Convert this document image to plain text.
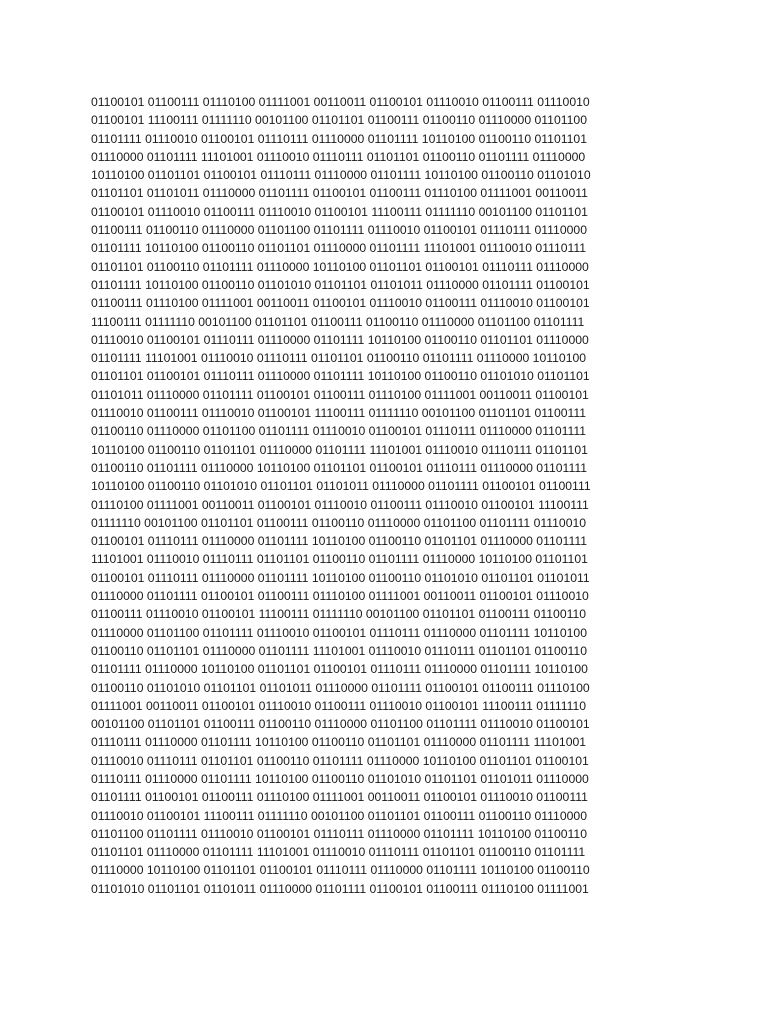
01100101 01100111 01110100 01111001 00110011 01100101 01110010 01100111 01110010
01100101 11100111 01111110 00101100 01101101 01100111 01100110 01110000 01101100
01101111 01110010 01100101 01110111 01110000 01101111 10110100 01100110 01101101
01110000 01101111 11101001 01110010 01110111 01101101 01100110 01101111 01110000
10110100 01101101 01100101 01110111 01110000 01101111 10110100 01100110 01101010
01101101 01101011 01110000 01101111 01100101 01100111 01110100 01111001 00110011
01100101 01110010 01100111 01110010 01100101 11100111 01111110 00101100 01101101
01100111 01100110 01110000 01101100 01101111 01110010 01100101 01110111 01110000
01101111 10110100 01100110 01101101 01110000 01101111 11101001 01110010 01110111
01101101 01100110 01101111 01110000 10110100 01101101 01100101 01110111 01110000
01101111 10110100 01100110 01101010 01101101 01101011 01110000 01101111 01100101
01100111 01110100 01111001 00110011 01100101 01110010 01100111 01110010 01100101
11100111 01111110 00101100 01101101 01100111 01100110 01110000 01101100 01101111
01110010 01100101 01110111 01110000 01101111 10110100 01100110 01101101 01110000
01101111 11101001 01110010 01110111 01101101 01100110 01101111 01110000 10110100
01101101 01100101 01110111 01110000 01101111 10110100 01100110 01101010 01101101
01101011 01110000 01101111 01100101 01100111 01110100 01111001 00110011 01100101
01110010 01100111 01110010 01100101 11100111 01111110 00101100 01101101 01100111
01100110 01110000 01101100 01101111 01110010 01100101 01110111 01110000 01101111
10110100 01100110 01101101 01110000 01101111 11101001 01110010 01110111 01101101
01100110 01101111 01110000 10110100 01101101 01100101 01110111 01110000 01101111
10110100 01100110 01101010 01101101 01101011 01110000 01101111 01100101 01100111
01110100 01111001 00110011 01100101 01110010 01100111 01110010 01100101 11100111
01111110 00101100 01101101 01100111 01100110 01110000 01101100 01101111 01110010
01100101 01110111 01110000 01101111 10110100 01100110 01101101 01110000 01101111
11101001 01110010 01110111 01101101 01100110 01101111 01110000 10110100 01101101
01100101 01110111 01110000 01101111 10110100 01100110 01101010 01101101 01101011
01110000 01101111 01100101 01100111 01110100 01111001 00110011 01100101 01110010
01100111 01110010 01100101 11100111 01111110 00101100 01101101 01100111 01100110
01110000 01101100 01101111 01110010 01100101 01110111 01110000 01101111 10110100
01100110 01101101 01110000 01101111 11101001 01110010 01110111 01101101 01100110
01101111 01110000 10110100 01101101 01100101 01110111 01110000 01101111 10110100
01100110 01101010 01101101 01101011 01110000 01101111 01100101 01100111 01110100
01111001 00110011 01100101 01110010 01100111 01110010 01100101 11100111 01111110
00101100 01101101 01100111 01100110 01110000 01101100 01101111 01110010 01100101
01110111 01110000 01101111 10110100 01100110 01101101 01110000 01101111 11101001
01110010 01110111 01101101 01100110 01101111 01110000 10110100 01101101 01100101
01110111 01110000 01101111 10110100 01100110 01101010 01101101 01101011 01110000
01101111 01100101 01100111 01110100 01111001 00110011 01100101 01110010 01100111
01110010 01100101 11100111 01111110 00101100 01101101 01100111 01100110 01110000
01101100 01101111 01110010 01100101 01110111 01110000 01101111 10110100 01100110
01101101 01110000 01101111 11101001 01110010 01110111 01101101 01100110 01101111
01110000 10110100 01101101 01100101 01110111 01110000 01101111 10110100 01100110
01101010 01101101 01101011 01110000 01101111 01100101 01100111 01110100 01111001
